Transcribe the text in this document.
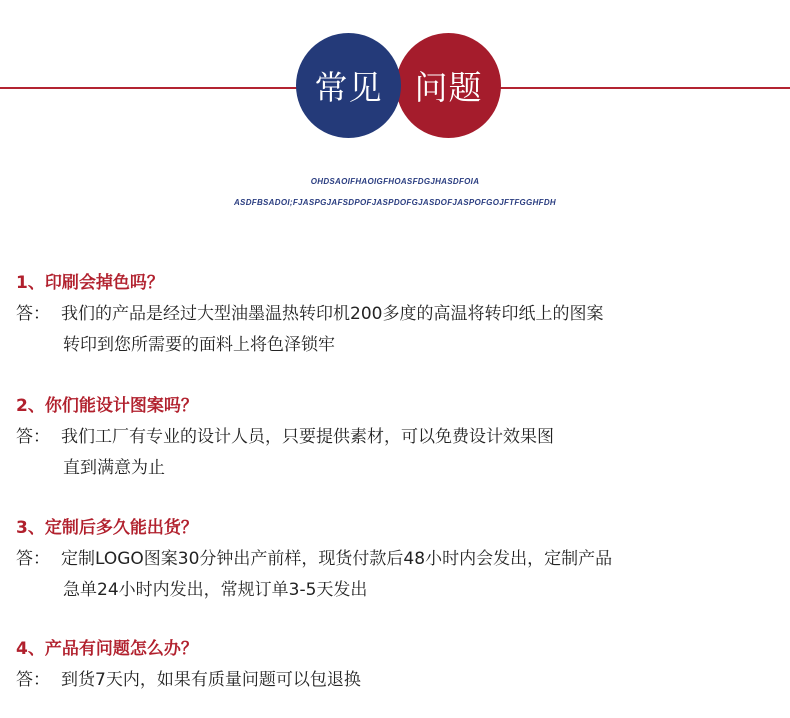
常见 问题
OHDSAOIFHAOIGFHOASFDGJHASDFOIA
ASDFBSADOI;FJASPGJAFSDPOFJASPDOFGJASDOFJASPOFGOJFTFGGHFDH
1、印刷会掉色吗？
答： 我们的产品是经过大型油墨温热转印机200多度的高温将转印纸上的图案
转印到您所需要的面料上将色泽锁牢
2、你们能设计图案吗？
答： 我们工厂有专业的设计人员，只要提供素材，可以免费设计效果图
直到满意为止
3、定制后多久能出货？
答： 定制LOGO图案30分钟出产前样，现货付款后48小时内会发出，定制产品
急单24小时内发出，常规订单3-5天发出
4、产品有问题怎么办？
答： 到货7天内，如果有质量问题可以包退换
